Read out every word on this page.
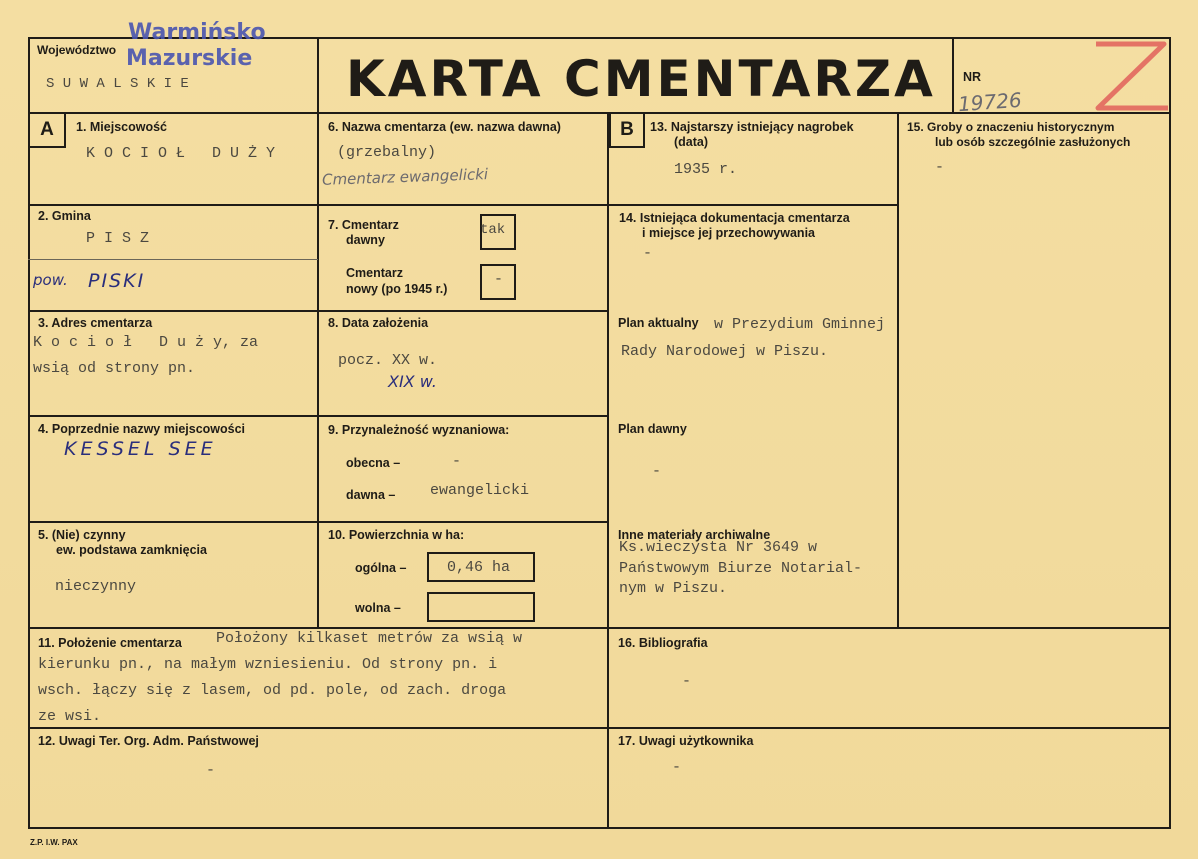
Województwo
Warmińsko
Mazurskie
S U W A L S K I E	KARTA CMENTARZA NR
19726
A	1. Miejscowość
K O C I O Ł   D U Ż Y
2. Gmina
P I S Z
pow. PISKI
3. Adres cmentarza
K o c i o ł   D u ż y, za
wsią od strony pn.
4. Poprzednie nazwy miejscowości
KESSEL SEE
5. (Nie) czynny
ew. podstawa zamknięcia
nieczynny
6. Nazwa cmentarza (ew. nazwa dawna)
(grzebalny)
Cmentarz ewangelicki
7. Cmentarz
dawny
tak
Cmentarz
nowy (po 1945 r.)
-
8. Data założenia
pocz. XX w.
XIX w.
9. Przynależność wyznaniowa:
obecna –	-
dawna – ewangelicki
10. Powierzchnia w ha:
ogólna –	0,46 ha
wolna –
11. Położenie cmentarza Położony kilkaset metrów za wsią w
kierunku pn., na małym wzniesieniu. Od strony pn. i
wsch. łączy się z lasem, od pd. pole, od zach. droga
ze wsi.
12. Uwagi Ter. Org. Adm. Państwowej
-
B	13. Najstarszy istniejący nagrobek
(data)
1935 r.
14. Istniejąca dokumentacja cmentarza
i miejsce jej przechowywania
-
Plan aktualny w Prezydium Gminnej
Rady Narodowej w Piszu.
Plan dawny
-
Inne materiały archiwalne
Ks.wieczysta Nr 3649 w
Państwowym Biurze Notarial-
nym w Piszu.
15. Groby o znaczeniu historycznym
lub osób szczególnie zasłużonych
-
16. Bibliografia
-
17. Uwagi użytkownika
-
Z.P. I.W. PAX
